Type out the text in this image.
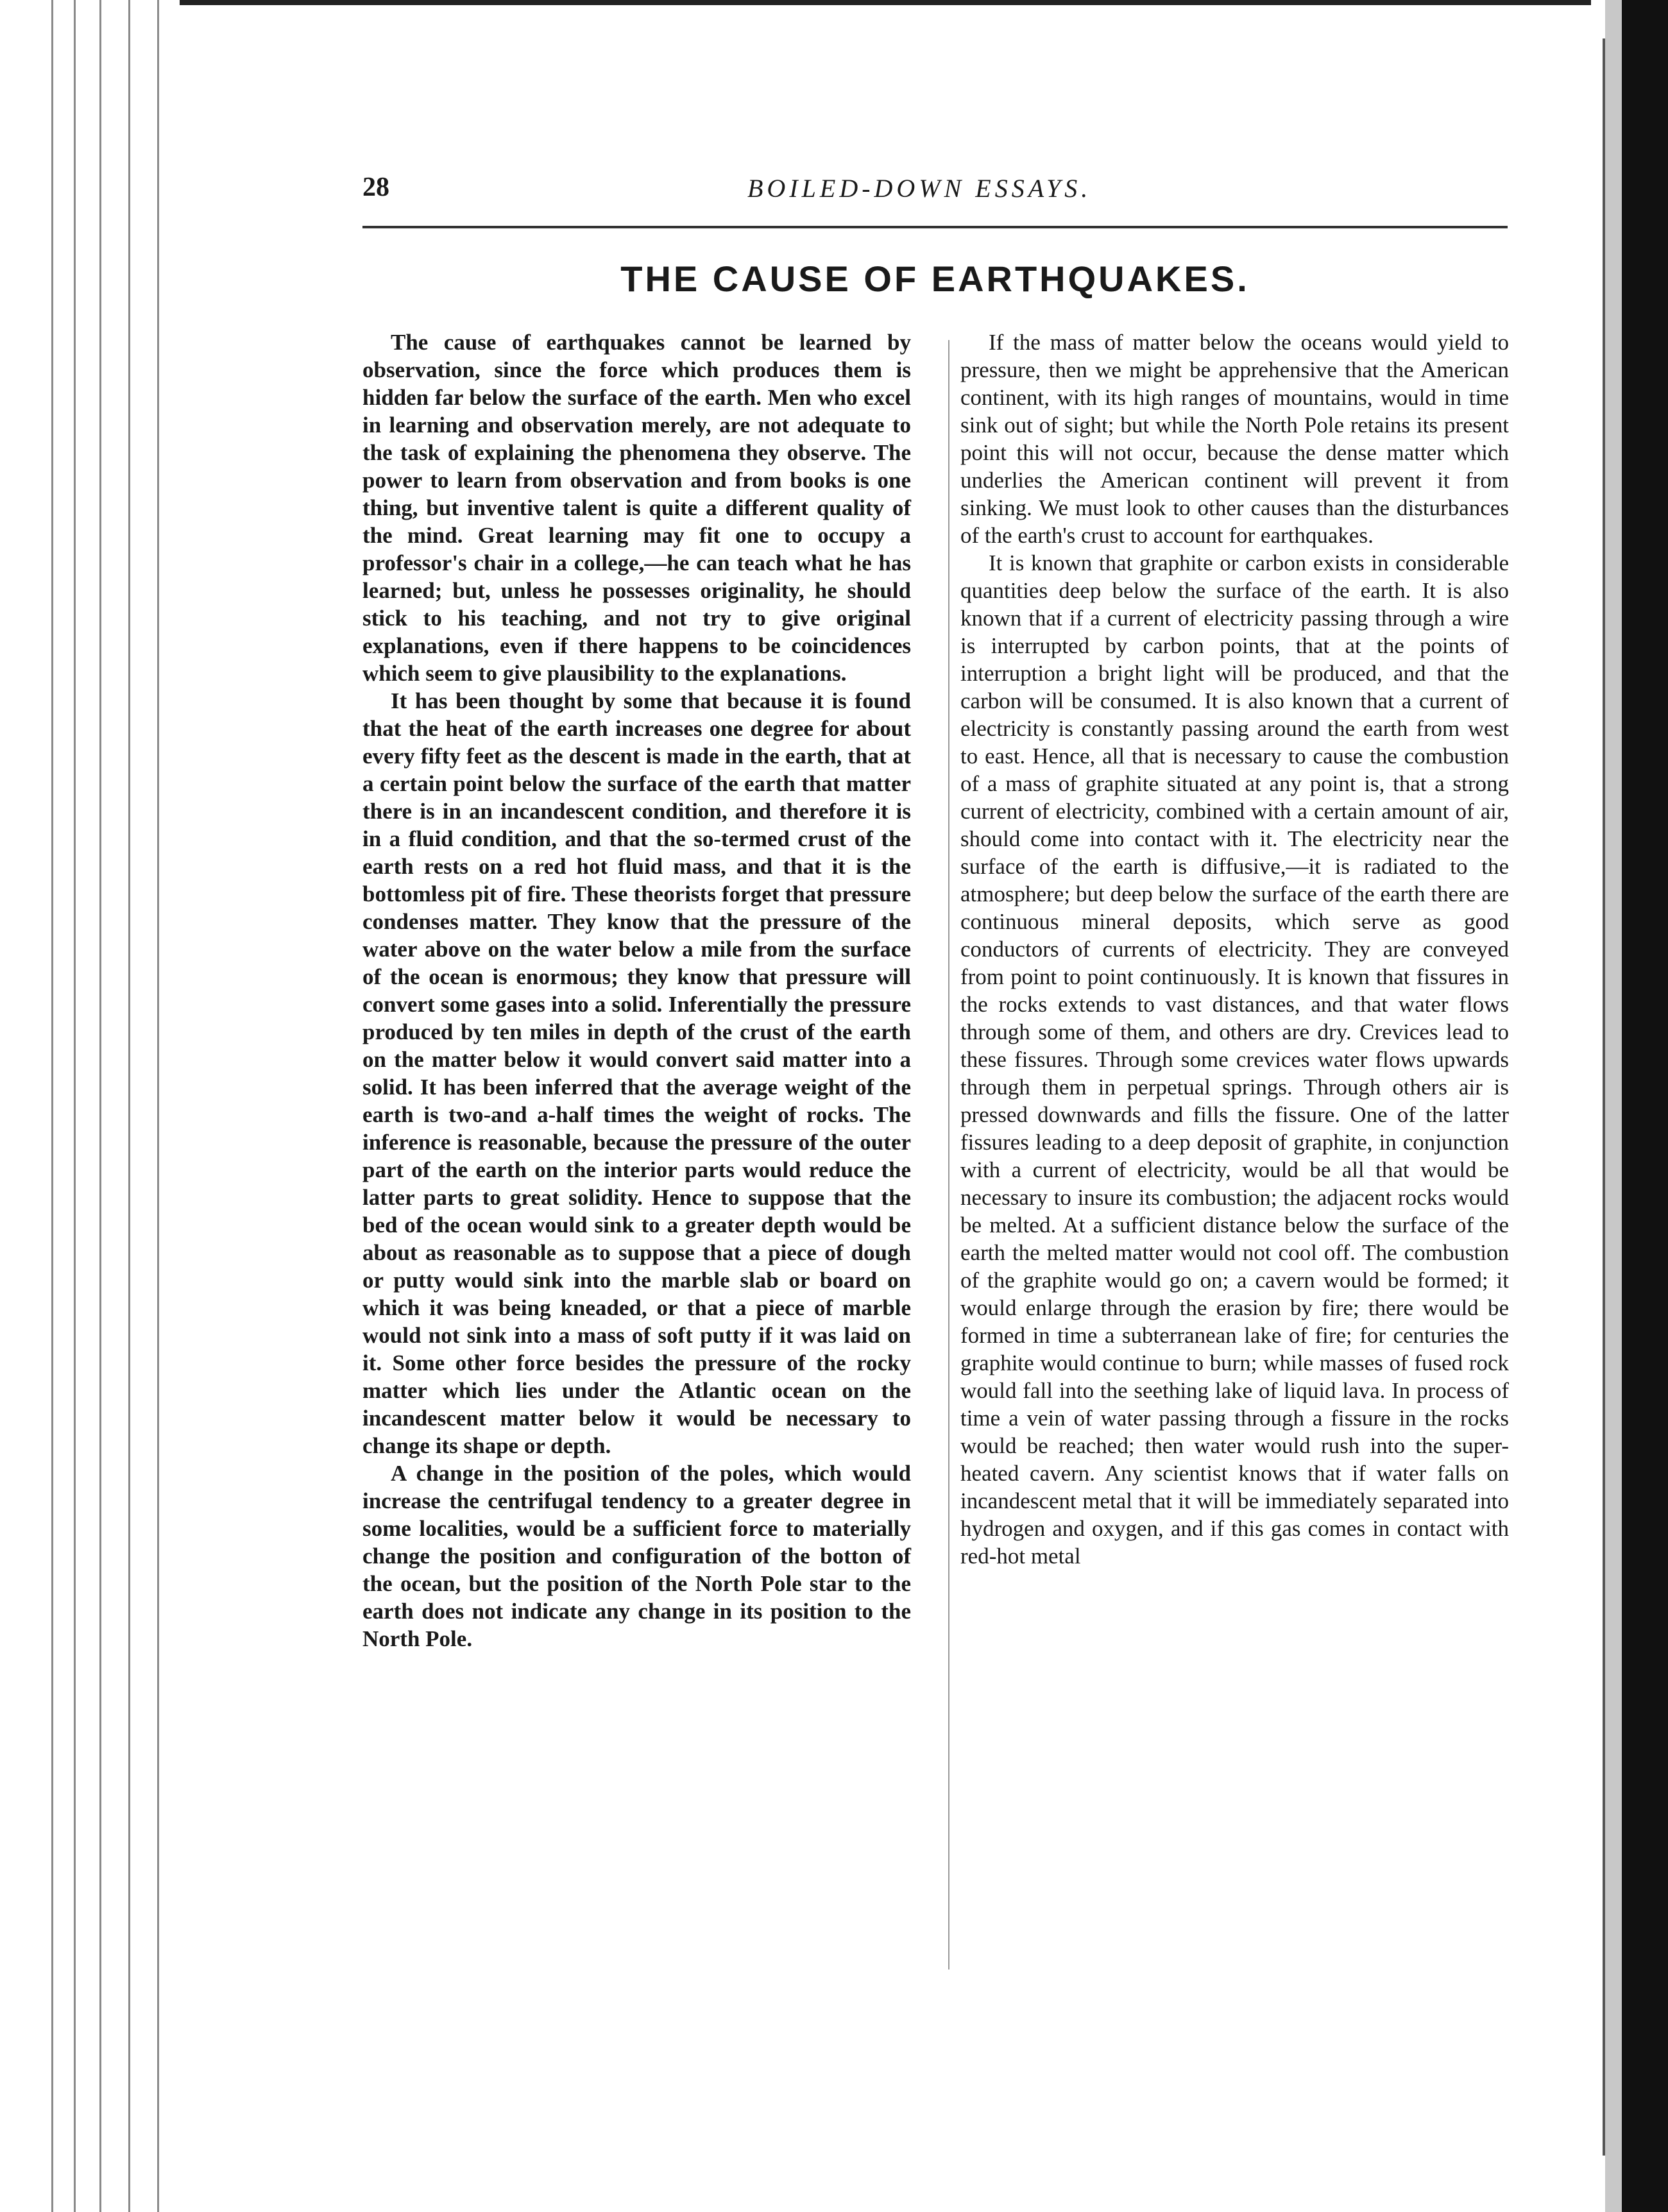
28	BOILED-DOWN ESSAYS.
THE CAUSE OF EARTHQUAKES.

The cause of earthquakes cannot be learned by observation, since the force which produces them is hidden far below the surface of the earth. Men who excel in learning and observation merely, are not adequate to the task of explaining the phenomena they observe. The power to learn from observation and from books is one thing, but inventive talent is quite a different quality of the mind. Great learning may fit one to occupy a professor's chair in a college,—he can teach what he has learned; but, unless he possesses originality, he should stick to his teaching, and not try to give original explanations, even if there happens to be coincidences which seem to give plausibility to the explanations.

It has been thought by some that because it is found that the heat of the earth increases one degree for about every fifty feet as the descent is made in the earth, that at a certain point below the surface of the earth that matter there is in an incandescent condition, and therefore it is in a fluid condition, and that the so-termed crust of the earth rests on a red hot fluid mass, and that it is the bottomless pit of fire. These theorists forget that pressure condenses matter. They know that the pressure of the water above on the water below a mile from the surface of the ocean is enormous; they know that pressure will convert some gases into a solid. Inferentially the pressure produced by ten miles in depth of the crust of the earth on the matter below it would convert said matter into a solid. It has been inferred that the average weight of the earth is two-and a-half times the weight of rocks. The inference is reasonable, because the pressure of the outer part of the earth on the interior parts would reduce the latter parts to great solidity. Hence to suppose that the bed of the ocean would sink to a greater depth would be about as reasonable as to suppose that a piece of dough or putty would sink into the marble slab or board on which it was being kneaded, or that a piece of marble would not sink into a mass of soft putty if it was laid on it. Some other force besides the pressure of the rocky matter which lies under the Atlantic ocean on the incandescent matter below it would be necessary to change its shape or depth.

A change in the position of the poles, which would increase the centrifugal tendency to a greater degree in some localities, would be a sufficient force to materially change the position and configuration of the botton of the ocean, but the position of the North Pole star to the earth does not indicate any change in its position to the North Pole.

If the mass of matter below the oceans would yield to pressure, then we might be apprehensive that the American continent, with its high ranges of mountains, would in time sink out of sight; but while the North Pole retains its present point this will not occur, because the dense matter which underlies the American continent will prevent it from sinking. We must look to other causes than the disturbances of the earth's crust to account for earthquakes.

It is known that graphite or carbon exists in considerable quantities deep below the surface of the earth. It is also known that if a current of electricity passing through a wire is interrupted by carbon points, that at the points of interruption a bright light will be produced, and that the carbon will be consumed. It is also known that a current of electricity is constantly passing around the earth from west to east. Hence, all that is necessary to cause the combustion of a mass of graphite situated at any point is, that a strong current of electricity, combined with a certain amount of air, should come into contact with it. The electricity near the surface of the earth is diffusive,—it is radiated to the atmosphere; but deep below the surface of the earth there are continuous mineral deposits, which serve as good conductors of currents of electricity. They are conveyed from point to point continuously. It is known that fissures in the rocks extends to vast distances, and that water flows through some of them, and others are dry. Crevices lead to these fissures. Through some crevices water flows upwards through them in perpetual springs. Through others air is pressed downwards and fills the fissure. One of the latter fissures leading to a deep deposit of graphite, in conjunction with a current of electricity, would be all that would be necessary to insure its combustion; the adjacent rocks would be melted. At a sufficient distance below the surface of the earth the melted matter would not cool off. The combustion of the graphite would go on; a cavern would be formed; it would enlarge through the erasion by fire; there would be formed in time a subterranean lake of fire; for centuries the graphite would continue to burn; while masses of fused rock would fall into the seething lake of liquid lava. In process of time a vein of water passing through a fissure in the rocks would be reached; then water would rush into the super-heated cavern. Any scientist knows that if water falls on incandescent metal that it will be immediately separated into hydrogen and oxygen, and if this gas comes in contact with red-hot metal
